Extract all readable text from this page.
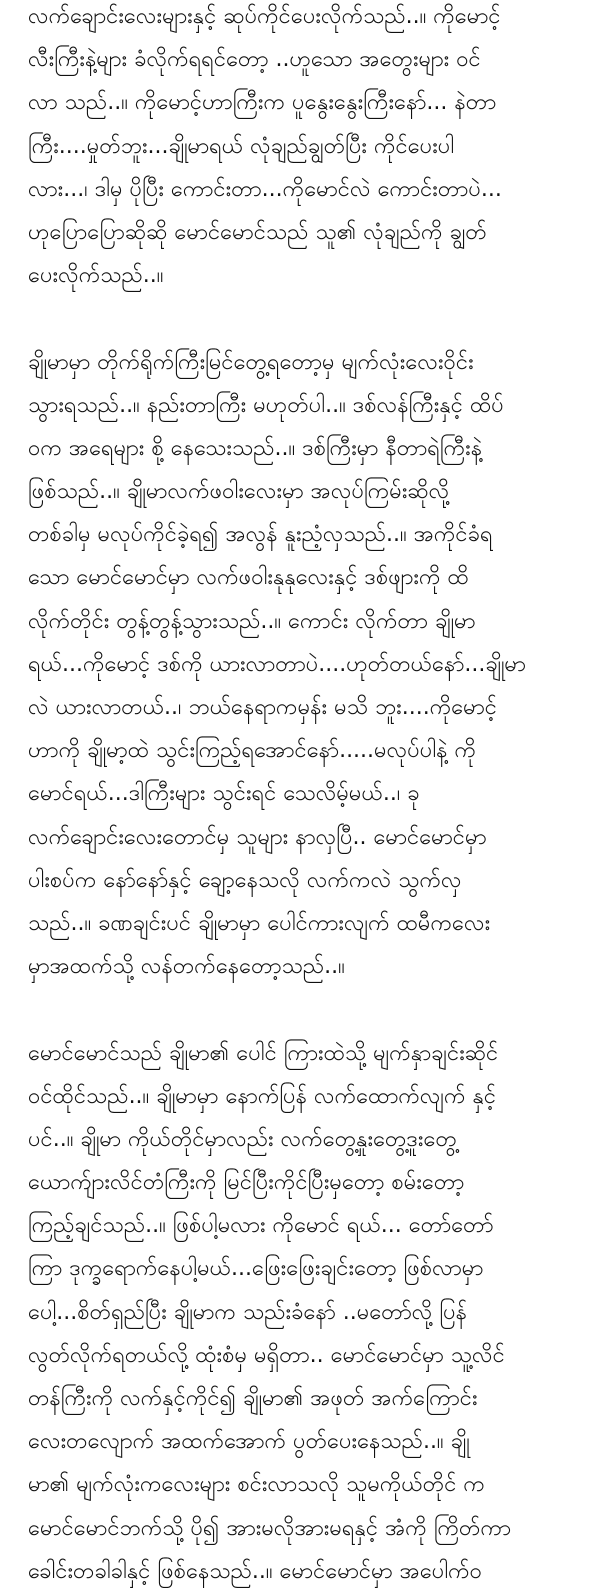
လက်ချောင်းလေးများနှင့် ဆုပ်ကိုင်ပေးလိုက်သည်..။ ကိုမောင့်
လီးကြီးနဲ့များ ခံလိုက်ရရင်တော့ ..ဟူသော အတွေးများ ဝင်
လာ သည်..။ ကိုမောင့်ဟာကြီးက ပူနွေးနွေးကြီးနော်... နဲတာ
ကြီး....မှုတ်ဘူး...ချိုမာရယ် လုံချည်ချွတ်ပြီး ကိုင်ပေးပါ
လား...၊ ဒါမှ ပိုပြီး ကောင်းတာ...ကိုမောင်လဲ ကောင်းတာပဲ...
ဟုပြောပြောဆိုဆို မောင်မောင်သည် သူ၏ လုံချည်ကို ချွတ်
ပေးလိုက်သည်..။
ချိုမာမှာ တိုက်ရိုက်ကြီးမြင်တွေ့ရတော့မှ မျက်လုံးလေးဝိုင်း
သွားရသည်..။ နည်းတာကြီး မဟုတ်ပါ..။ ဒစ်လန်ကြီးနှင့် ထိပ်
ဝက အရေများ စို့ နေသေးသည်..။ ဒစ်ကြီးမှာ နီတာရဲကြီးနဲ့
ဖြစ်သည်..။ ချိုမာလက်ဖဝါးလေးမှာ အလုပ်ကြမ်းဆိုလို့
တစ်ခါမှ မလုပ်ကိုင်ခဲ့ရ၍ အလွန် နူးညံ့လှသည်..။ အကိုင်ခံရ
သော မောင်မောင်မှာ လက်ဖဝါးနုနုလေးနှင့် ဒစ်ဖျားကို ထိ
လိုက်တိုင်း တွန့်တွန့်သွားသည်..။ ကောင်း လိုက်တာ ချိုမာ
ရယ်...ကိုမောင့် ဒစ်ကို ယားလာတာပဲ....ဟုတ်တယ်နော်...ချိုမာ
လဲ ယားလာတယ်..၊ ဘယ်နေရာကမှန်း မသိ ဘူး....ကိုမောင့်
ဟာကို ချိုမာ့ထဲ သွင်းကြည့်ရအောင်နော်.....မလုပ်ပါနဲ့ ကို
မောင်ရယ်...ဒါကြီးများ သွင်းရင် သေလိမ့်မယ်..၊ ခု
လက်ချောင်းလေးတောင်မှ သူများ နာလှပြီ.. မောင်မောင်မှာ
ပါးစပ်က နော်နော်နှင့် ချော့နေသလို လက်ကလဲ သွက်လှ
သည်..။ ခဏချင်းပင် ချိုမာမှာ ပေါင်ကားလျက် ထမီကလေး
မှာအထက်သို့ လန်တက်နေတော့သည်..။
မောင်မောင်သည် ချိုမာ၏ ပေါင် ကြားထဲသို့ မျက်နှာချင်းဆိုင်
ဝင်ထိုင်သည်..။ ချိုမာမှာ နောက်ပြန် လက်ထောက်လျက် နှင့်
ပင်..။ ချိုမာ ကိုယ်တိုင်မှာလည်း လက်တွေ့နှုးတွေ့ဒူးတွေ့
ယောက်ျားလိင်တံကြီးကို မြင်ပြီးကိုင်ပြီးမှတော့ စမ်းတော့
ကြည့်ချင်သည်..။ ဖြစ်ပါ့မလား ကိုမောင် ရယ်... တော်တော်
ကြာ ဒုက္ခရောက်နေပါ့မယ်...ဖြေးဖြေးချင်းတော့ ဖြစ်လာမှာ
ပေါ့...စိတ်ရှည်ပြီး ချိုမာက သည်းခံနော် ..မတော်လို့ ပြန်
လွတ်လိုက်ရတယ်လို့ ထုံးစံမှ မရှိတာ.. မောင်မောင်မှာ သူ့လိင်
တန်ကြီးကို လက်နှင့်ကိုင်၍ ချိုမာ၏ အဖုတ် အက်ကြောင်း
လေးတလျောက် အထက်အောက် ပွတ်ပေးနေသည်..။ ချို
မာ၏ မျက်လုံးကလေးများ စင်းလာသလို သူမကိုယ်တိုင် က
မောင်မောင်ဘက်သို့ ပို၍ အားမလိုအားမရနှင့် အံကို ကြိတ်ကာ
ခေါင်းတခါခါနှင့် ဖြစ်နေသည်..။ မောင်မောင်မှာ အပေါက်ဝ
